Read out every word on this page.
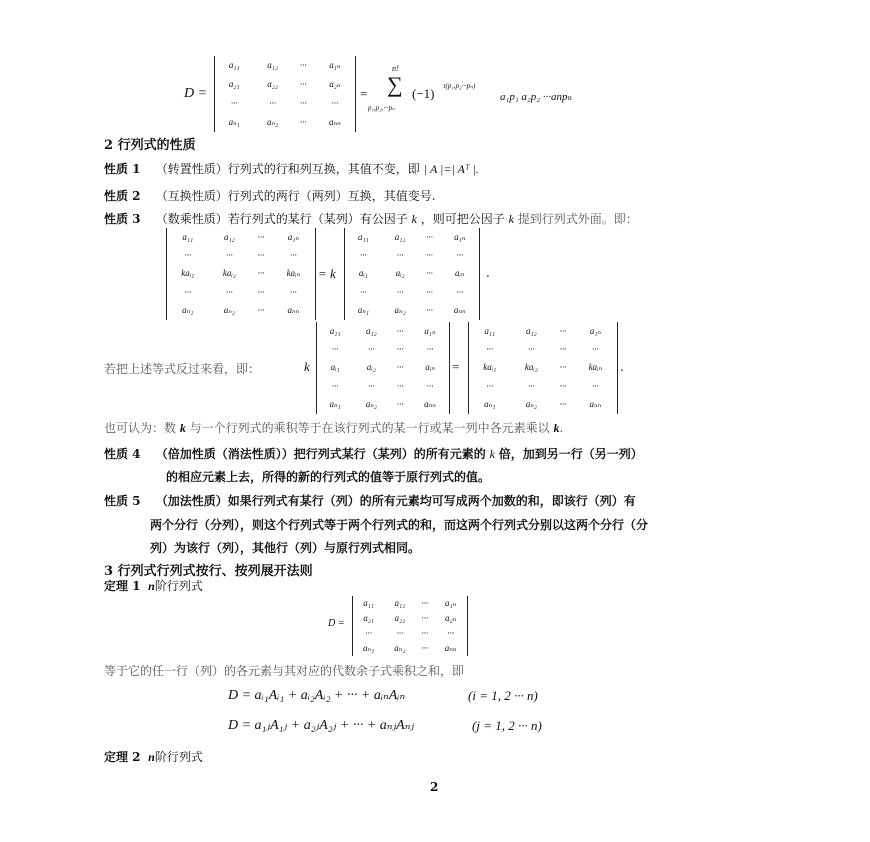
D =
a₁₁	a₁₂	···	a₁ₙ
a₂₁	a₂₂	···	a₂ₙ
···	···	···	···
aₙ₁	aₙ₂	···	aₙₙ
=
n!
∑
p₁,p₂,···pₙ
(−1) τ(p₁,p₂···pₙ)
a₁p₁ a₂p₂ ···anpₙ
2 行列式的性质
性质 1 （转置性质）行列式的行和列互换，其值不变，即 | A |=| Aᵀ |.
性质 2 （互换性质）行列式的两行（两列）互换，其值变号.
性质 3 （数乘性质）若行列式的某行（某列）有公因子 k ，则可把公因子 k 提到行列式外面。即：
a₁₁	a₁₂	···	a₁ₙ
···	···	···	···
kaᵢ₁	kaᵢ₂	···	kaᵢₙ
···	···	···	···
aₙ₁	aₙ₂	···	aₙₙ
= k
a₁₁	a₁₂	···	a₁ₙ
···	···	···	···
aᵢ₁	aᵢ₂	···	aᵢₙ
···	···	···	···
aₙ₁	aₙ₂	···	aₙₙ
.
若把上述等式反过来看，即：	k
a₁₁	a₁₂	···	a₁ₙ
···	···	···	···
aᵢ₁	aᵢ₂	···	aᵢₙ
···	···	···	···
aₙ₁	aₙ₂	···	aₙₙ
=
a₁₁	a₁₂	···	a₁ₙ
···	···	···	···
kaᵢ₁	kaᵢ₂	···	kaᵢₙ
···	···	···	···
aₙ₁	aₙ₂	···	aₙₙ
.
也可认为：数 k 与一个行列式的乘积等于在该行列式的某一行或某一列中各元素乘以 k.
性质 4 （倍加性质（消法性质））把行列式某行（某列）的所有元素的 k 倍，加到另一行（另一列）
的相应元素上去，所得的新的行列式的值等于原行列式的值。
性质 5 （加法性质）如果行列式有某行（列）的所有元素均可写成两个加数的和，即该行（列）有
两个分行（分列），则这个行列式等于两个行列式的和，而这两个行列式分别以这两个分行（分
列）为该行（列），其他行（列）与原行列式相同。
3 行列式行列式按行、按列展开法则
定理 1 n阶行列式
D =
a₁₁	a₁₂	···	a₁ₙ
a₂₁	a₂₂	···	a₂ₙ
···	···	···	···
aₙ₁	aₙ₂	···	aₙₙ
等于它的任一行（列）的各元素与其对应的代数余子式乘积之和，即
D = aᵢ₁Aᵢ₁ + aᵢ₂Aᵢ₂ + ··· + aᵢₙAᵢₙ	(i = 1, 2 ··· n)
D = a₁ⱼA₁ⱼ + a₂ⱼA₂ⱼ + ··· + aₙⱼAₙⱼ	(j = 1, 2 ··· n)
定理 2 n阶行列式
2
